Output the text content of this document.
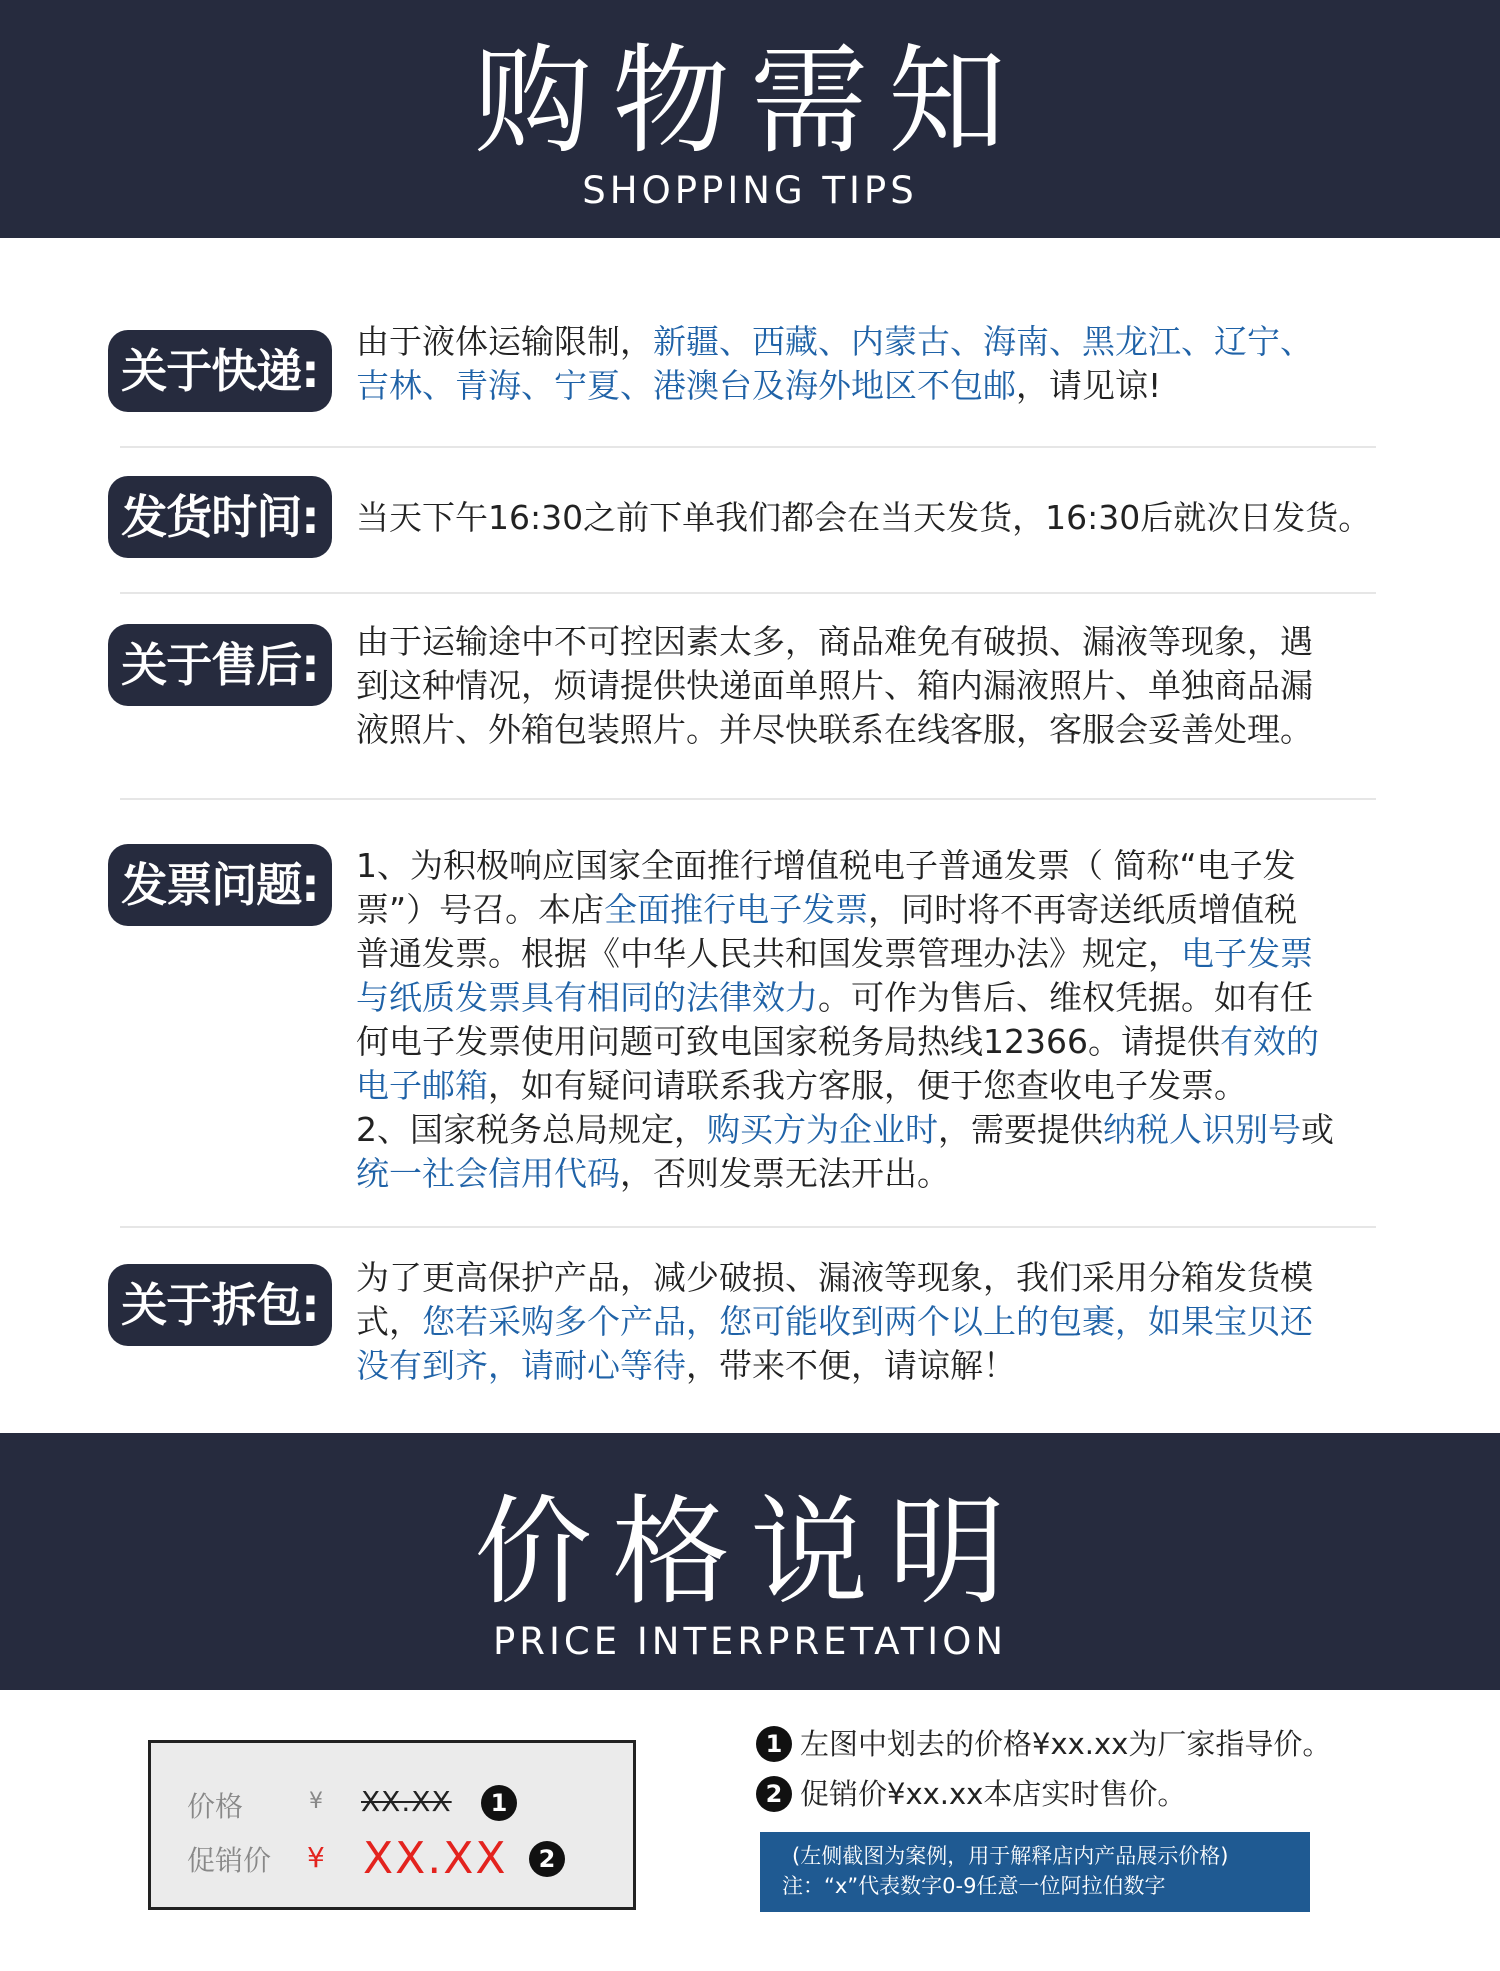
购物需知
SHOPPING TIPS
关于快递:
由于液体运输限制，新疆、西藏、内蒙古、海南、黑龙江、辽宁、
吉林、青海、宁夏、港澳台及海外地区不包邮，请见谅!
发货时间:	当天下午16:30之前下单我们都会在当天发货，16:30后就次日发货。
关于售后:	由于运输途中不可控因素太多，商品难免有破损、漏液等现象，遇
到这种情况，烦请提供快递面单照片、箱内漏液照片、单独商品漏
液照片、外箱包装照片。并尽快联系在线客服，客服会妥善处理。
发票问题:	1、为积极响应国家全面推行增值税电子普通发票（ 简称“电子发
票”）号召。本店全面推行电子发票，同时将不再寄送纸质增值税
普通发票。根据《中华人民共和国发票管理办法》规定，电子发票
与纸质发票具有相同的法律效力。可作为售后、维权凭据。如有任
何电子发票使用问题可致电国家税务局热线12366。请提供有效的
电子邮箱，如有疑问请联系我方客服，便于您查收电子发票。
2、国家税务总局规定，购买方为企业时，需要提供纳税人识别号或
统一社会信用代码，否则发票无法开出。
关于拆包:
为了更高保护产品，减少破损、漏液等现象，我们采用分箱发货模
式，您若采购多个产品，您可能收到两个以上的包裹，如果宝贝还
没有到齐，请耐心等待，带来不便，请谅解！
价格说明
PRICE INTERPRETATION
价格	¥ XX.XX	1
促销价 ¥ XX.XX	2
1 左图中划去的价格¥xx.xx为厂家指导价。
2 促销价¥xx.xx本店实时售价。
(左侧截图为案例，用于解释店内产品展示价格)
注：“x”代表数字0-9任意一位阿拉伯数字
